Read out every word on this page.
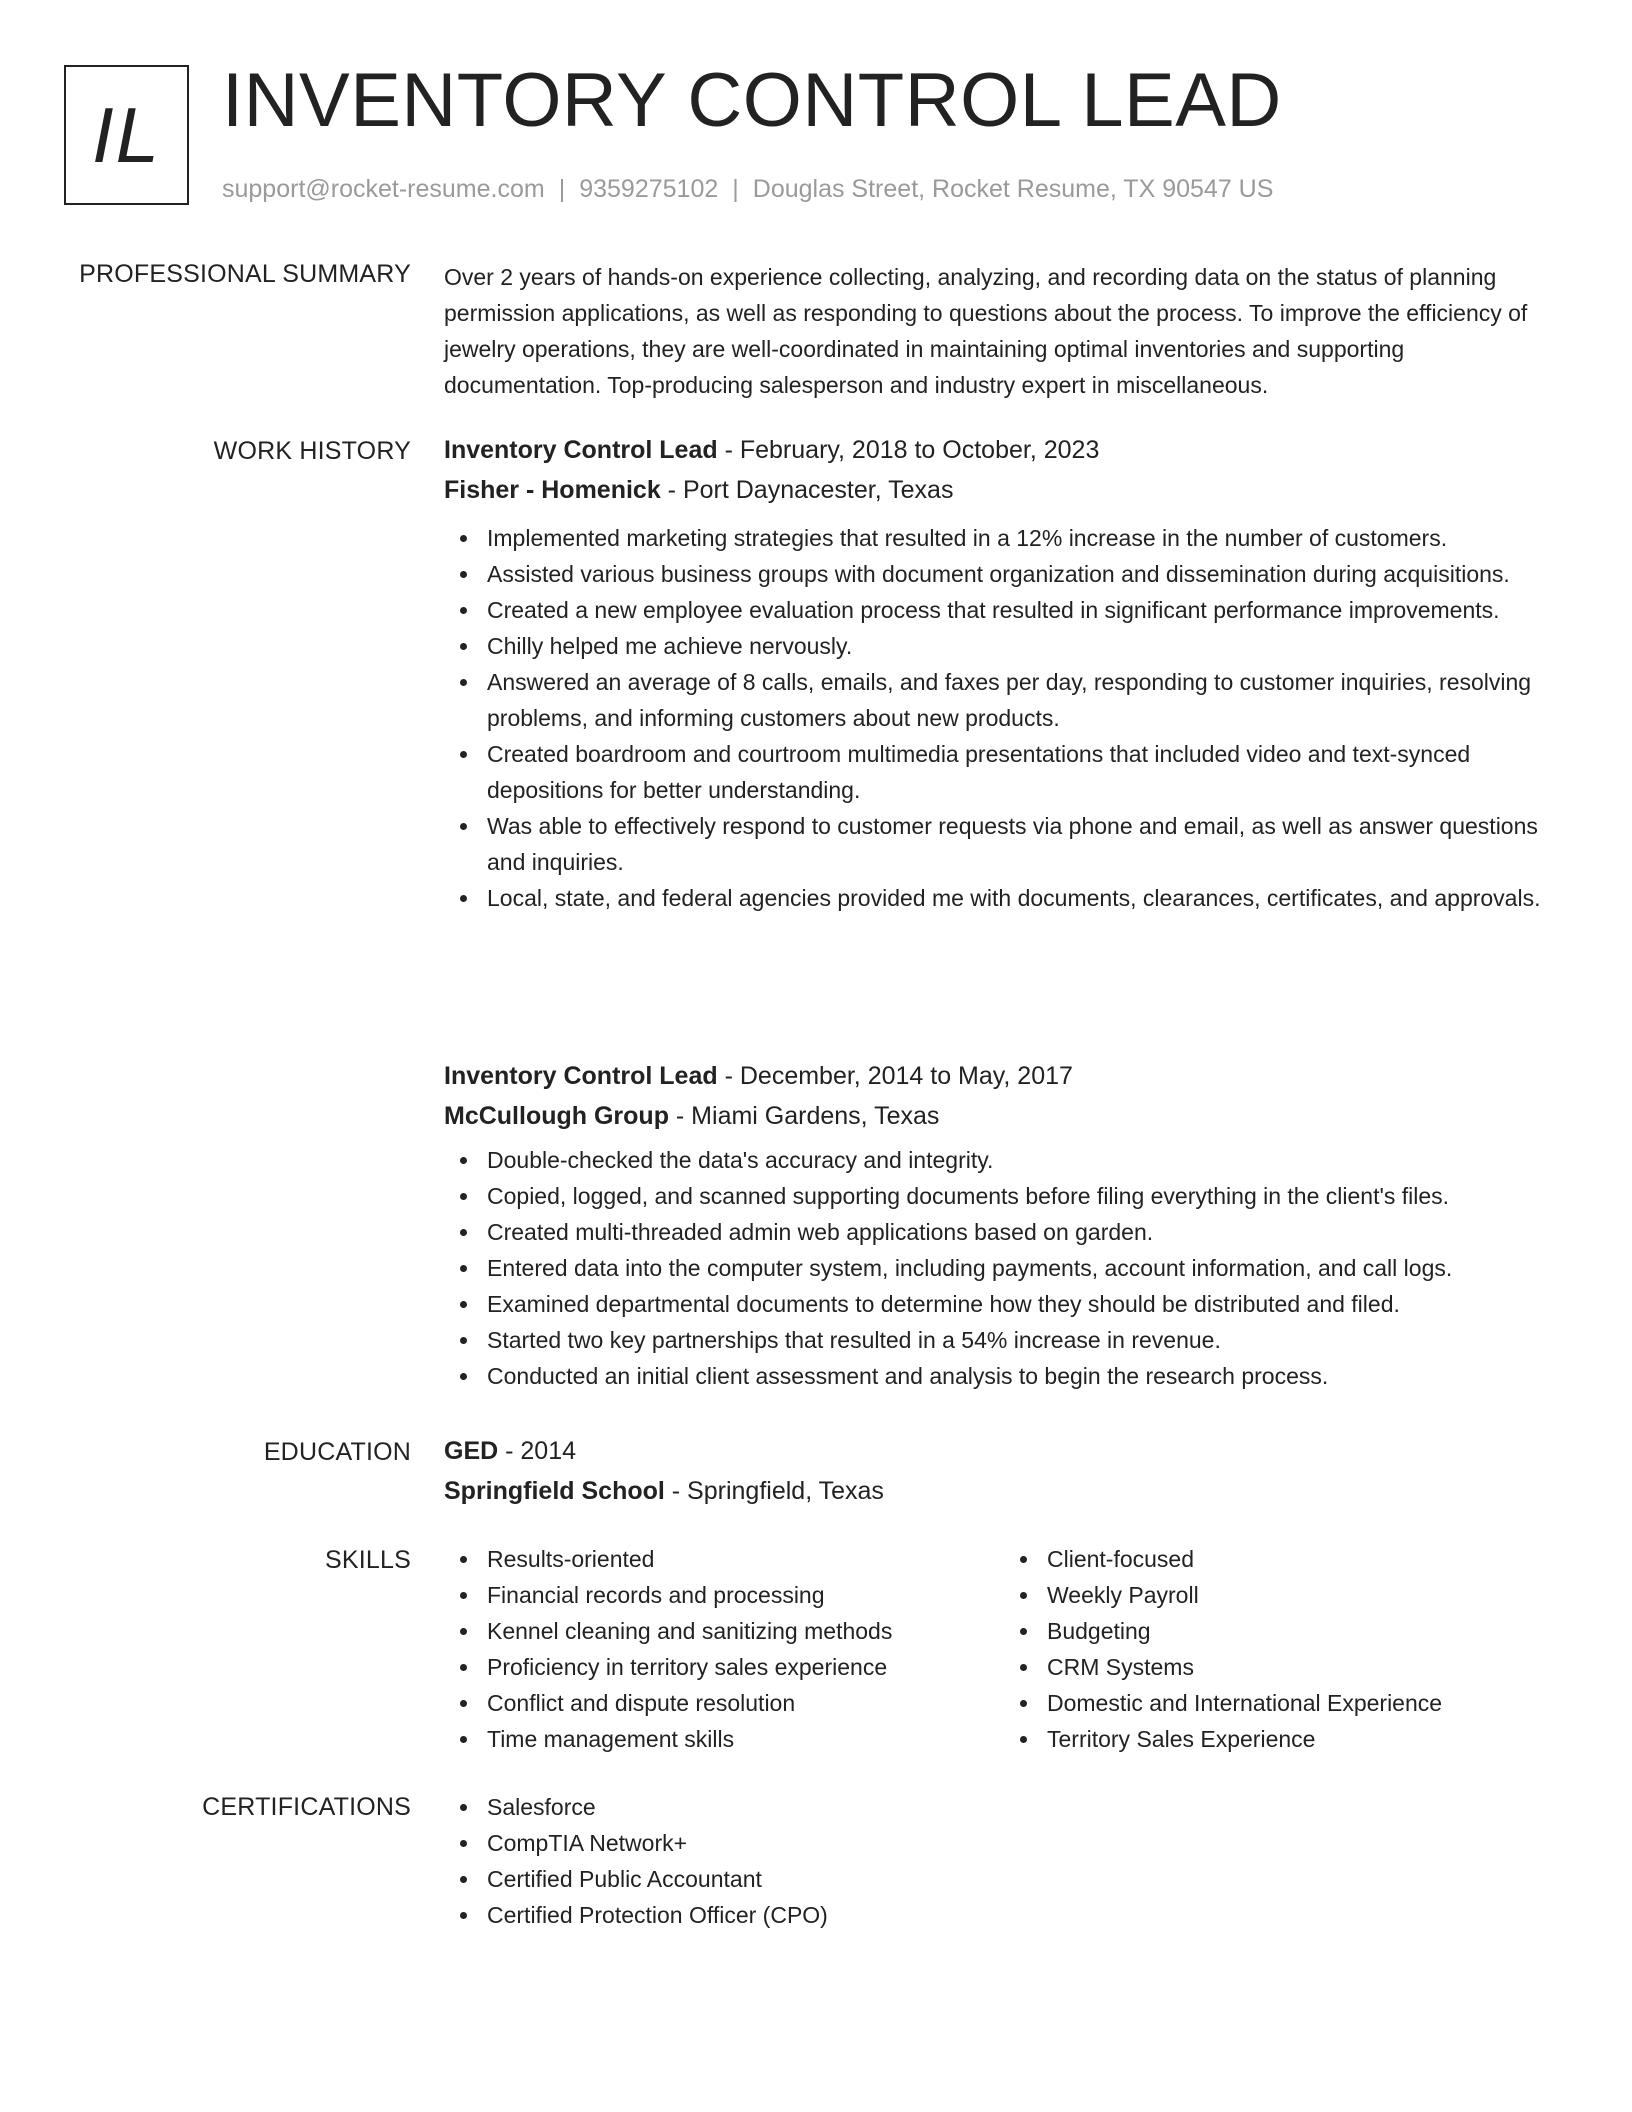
IL INVENTORY CONTROL LEAD
support@rocket-resume.com | 9359275102 | Douglas Street, Rocket Resume, TX 90547 US
PROFESSIONAL SUMMARY Over 2 years of hands-on experience collecting, analyzing, and recording data on the status of planning permission applications, as well as responding to questions about the process. To improve the efficiency of jewelry operations, they are well-coordinated in maintaining optimal inventories and supporting documentation. Top-producing salesperson and industry expert in miscellaneous.

WORK HISTORY Inventory Control Lead - February, 2018 to October, 2023
Fisher - Homenick - Port Daynacester, Texas
Implemented marketing strategies that resulted in a 12% increase in the number of customers.
Assisted various business groups with document organization and dissemination during acquisitions.
Created a new employee evaluation process that resulted in significant performance improvements.
Chilly helped me achieve nervously.
Answered an average of 8 calls, emails, and faxes per day, responding to customer inquiries, resolving problems, and informing customers about new products.
Created boardroom and courtroom multimedia presentations that included video and text-synced depositions for better understanding.
Was able to effectively respond to customer requests via phone and email, as well as answer questions and inquiries.
Local, state, and federal agencies provided me with documents, clearances, certificates, and approvals.
Inventory Control Lead - December, 2014 to May, 2017
McCullough Group - Miami Gardens, Texas
Double-checked the data's accuracy and integrity.
Copied, logged, and scanned supporting documents before filing everything in the client's files.
Created multi-threaded admin web applications based on garden.
Entered data into the computer system, including payments, account information, and call logs.
Examined departmental documents to determine how they should be distributed and filed.
Started two key partnerships that resulted in a 54% increase in revenue.
Conducted an initial client assessment and analysis to begin the research process.
EDUCATION GED - 2014
Springfield School - Springfield, Texas
SKILLS	Results-oriented
Financial records and processing
Kennel cleaning and sanitizing methods
Proficiency in territory sales experience
Conflict and dispute resolution
Time management skills
Client-focused
Weekly Payroll
Budgeting
CRM Systems
Domestic and International Experience
Territory Sales Experience
CERTIFICATIONS	Salesforce
CompTIA Network+
Certified Public Accountant
Certified Protection Officer (CPO)
